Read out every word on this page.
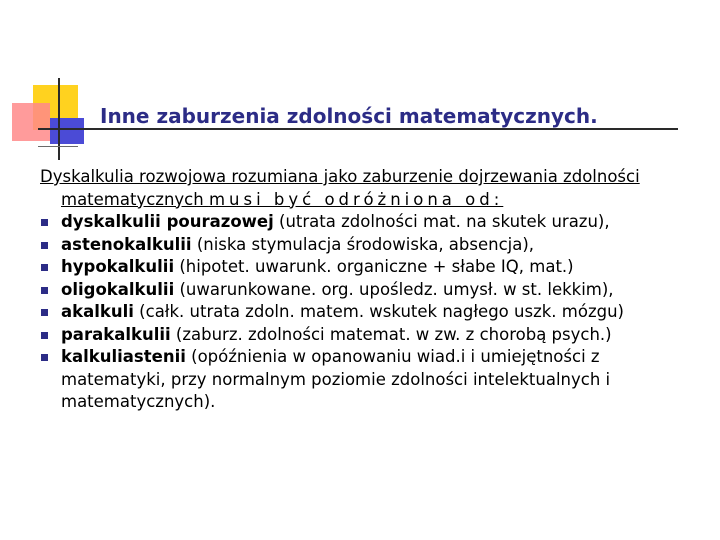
Inne zaburzenia zdolności matematycznych.

Dyskalkulia rozwojowa rozumiana jako zaburzenie dojrzewania zdolności
matematycznych musi być odróżniona od:

dyskalkulii pourazowej (utrata zdolności mat. na skutek urazu),
astenokalkulii (niska stymulacja środowiska, absencja),
hypokalkulii (hipotet. uwarunk. organiczne + słabe IQ, mat.)
oligokalkulii (uwarunkowane. org. upośledz. umysł. w st. lekkim),
akalkuli (całk. utrata zdoln. matem. wskutek nagłego uszk. mózgu)
parakalkulii (zaburz. zdolności matemat. w zw. z chorobą psych.)
kalkuliastenii (opóźnienia w opanowaniu wiad.i i umiejętności z matematyki, przy normalnym poziomie zdolności intelektualnych i matematycznych).
